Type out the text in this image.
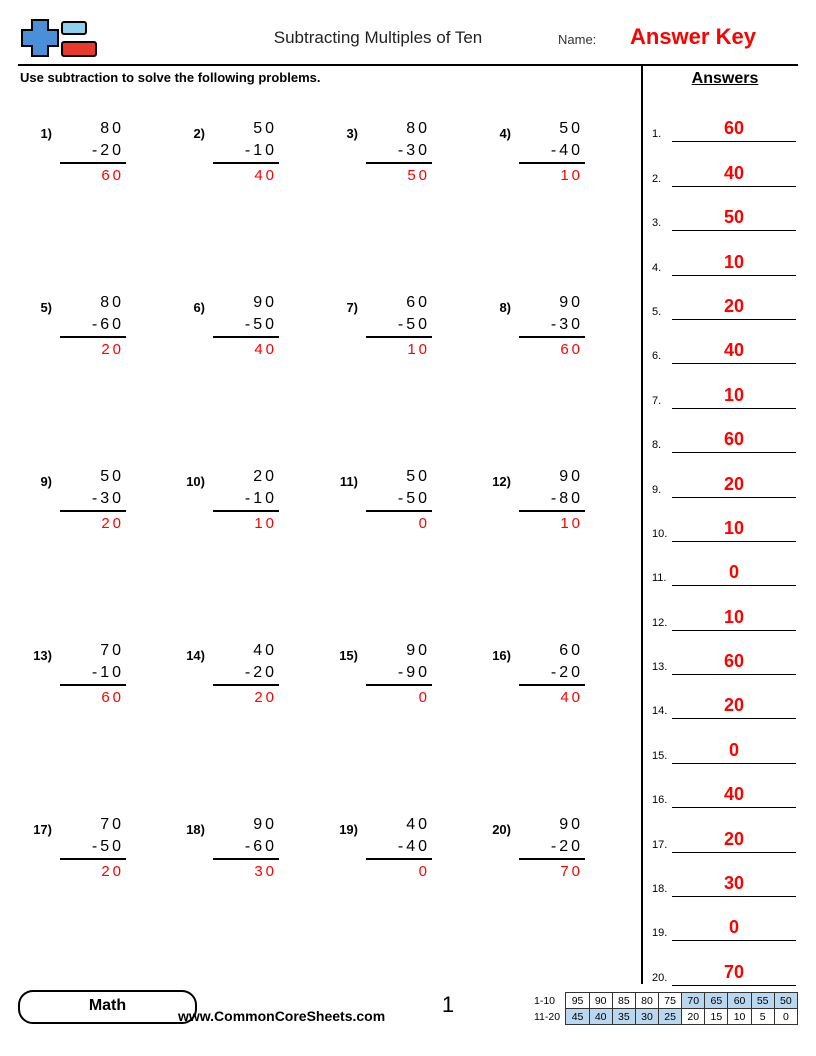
Subtracting Multiples of Ten	Name: Answer Key
Use subtraction to solve the following problems.
1)	80
-20
60
2)	50
-10
40
3)	80
-30
50
4)	50
-40
10
5)	80
-60
20
6)	90
-50
40
7)	60
-50
10
8)	90
-30
60
9)	50
-30
20
10)	20
-10
10
11)	50
-50
0
12)	90
-80
10
13)	70
-10
60
14)	40
-20
20
15)	90
-90
0
16)	60
-20
40
17)	70
-50
20
18)	90
-60
30
19)	40
-40
0
20)	90
-20
70
Answers
1.	60
2.	40
3.	50
4.	10
5.	20
6.	40
7.	10
8.	60
9.	20
10.	10
11.	0
12.	10
13.	60
14.	20
15.	0
16.	40
17.	20
18.	30
19.	0
20.	70
Math
www.CommonCoreSheets.com	1	1-10	95	90	85	80	75	70	65	60	55	50
11-20	45	40	35	30	25	20	15	10	5	0
